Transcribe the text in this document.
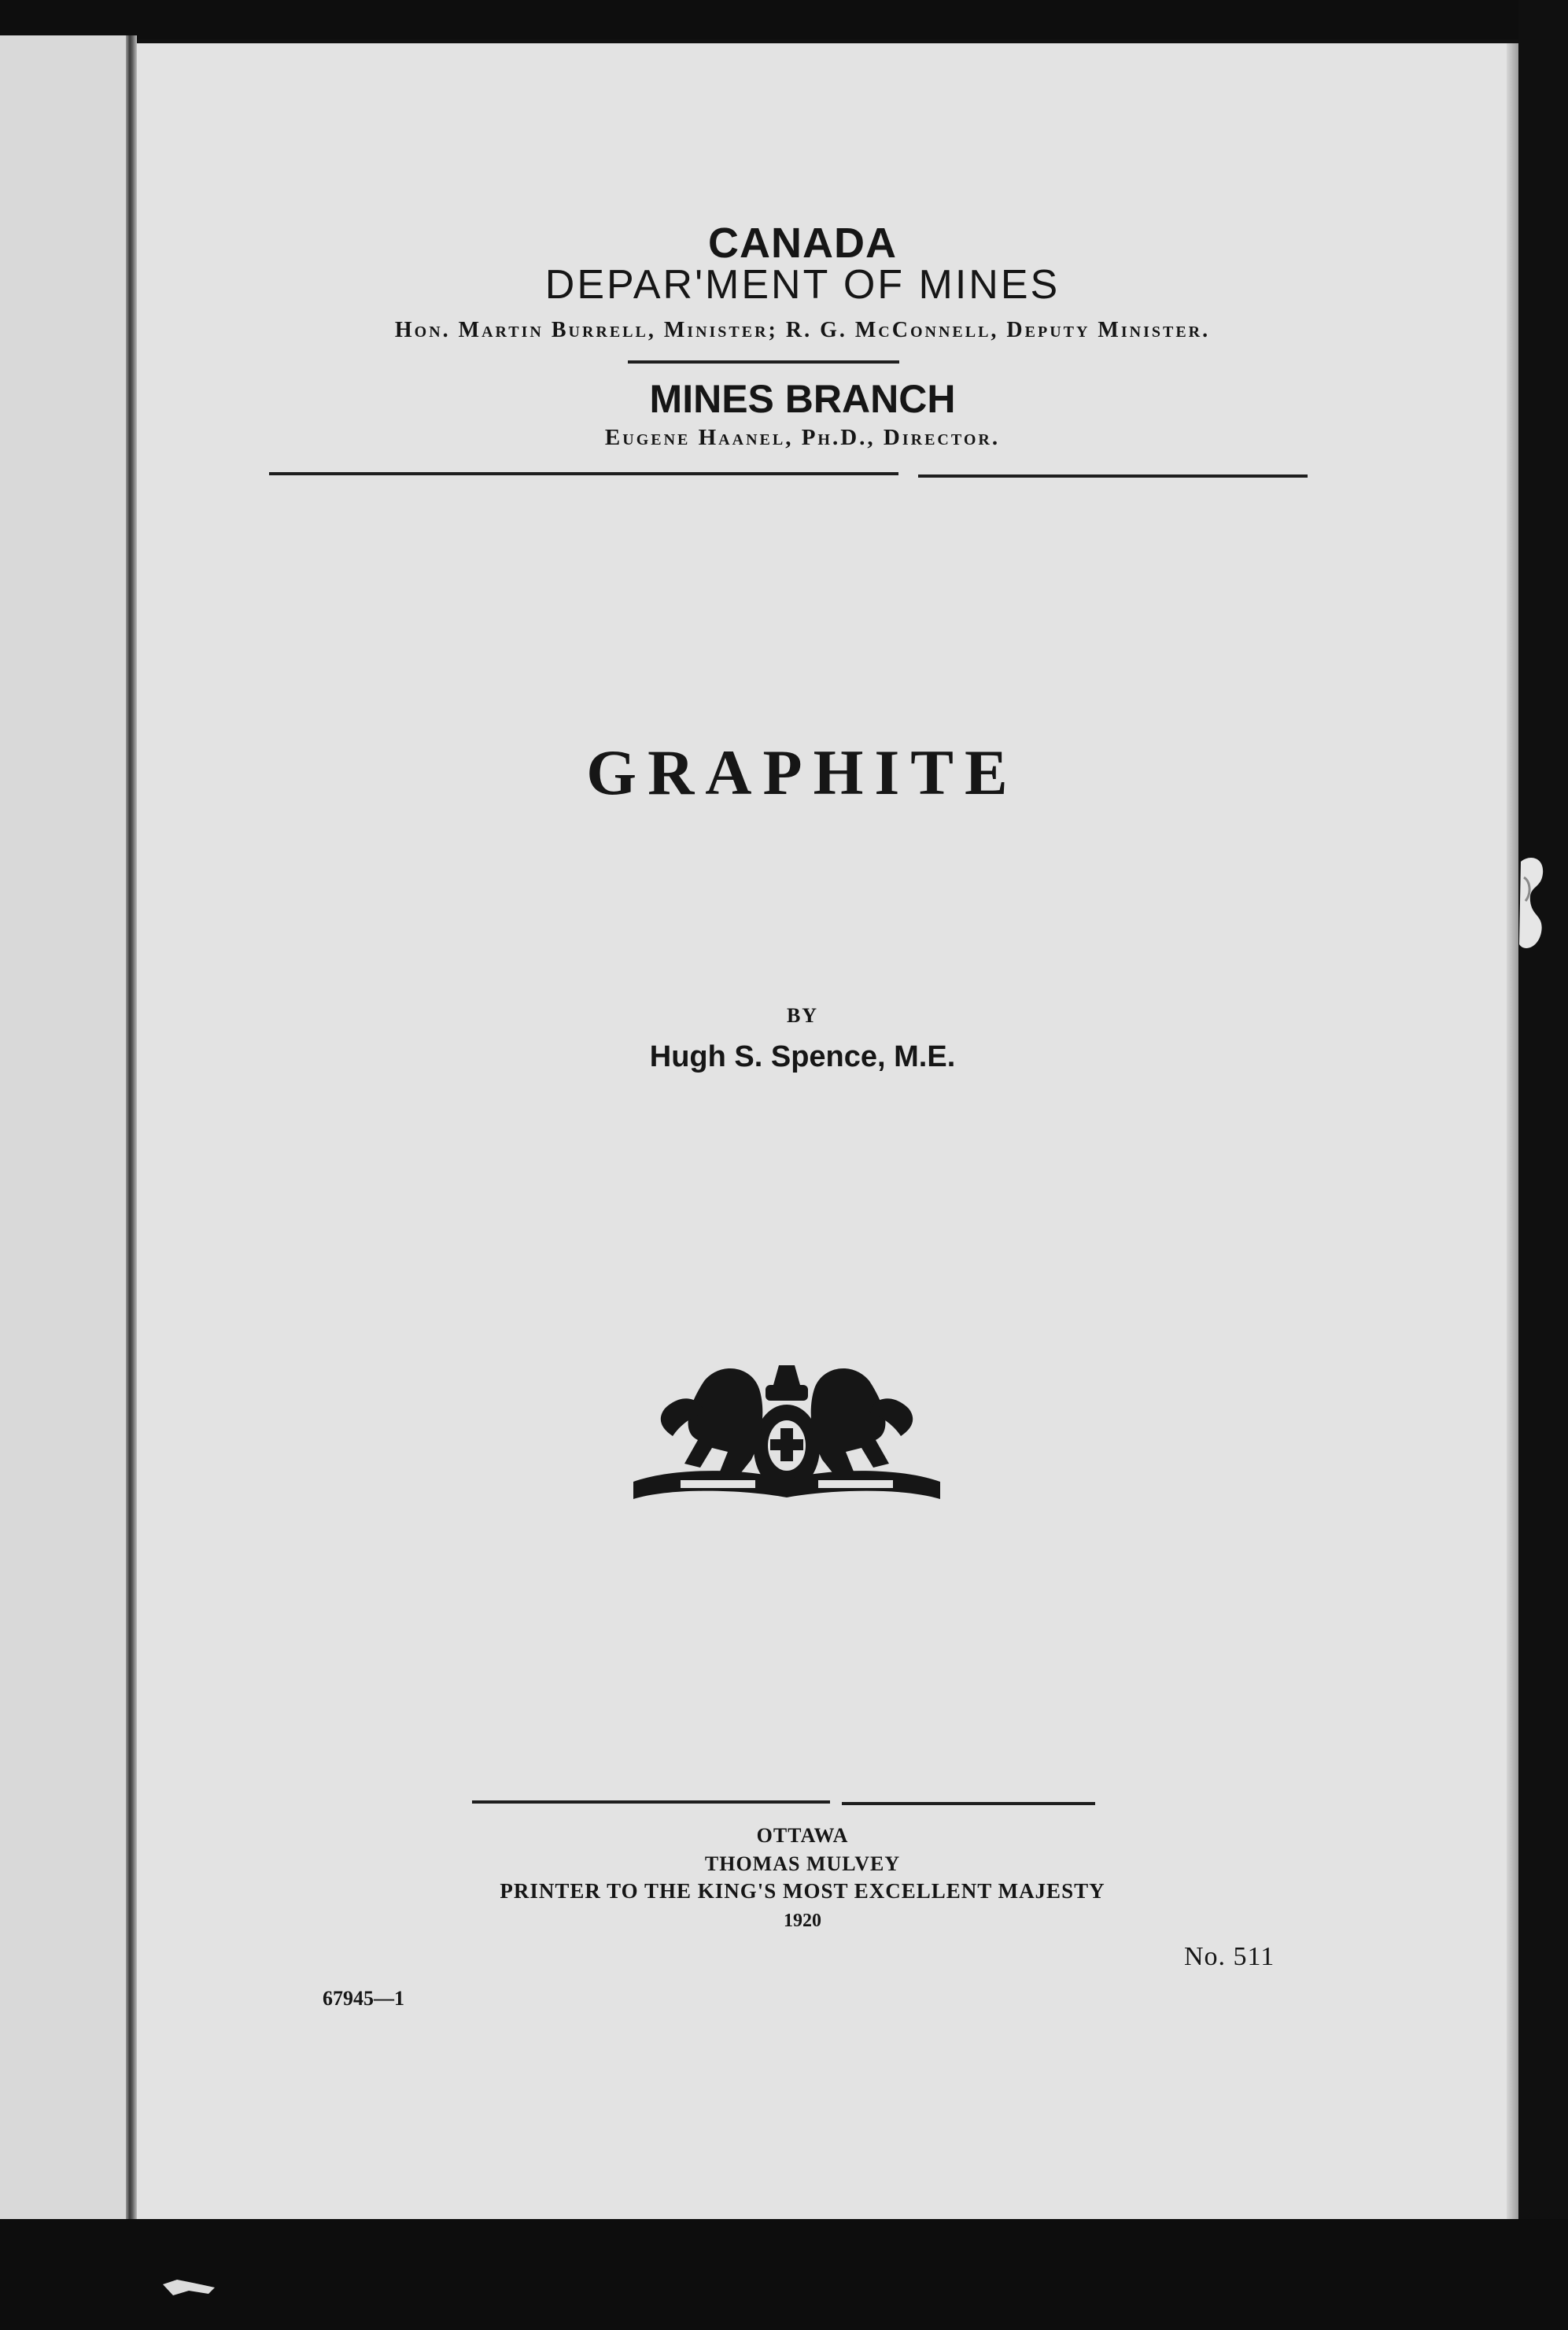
CANADA
DEPAR'MENT OF MINES
Hon. Martin Burrell, Minister; R. G. McConnell, Deputy Minister.
MINES BRANCH
Eugene Haanel, Ph.D., Director.
GRAPHITE
BY
Hugh S. Spence, M.E.
OTTAWA
THOMAS MULVEY
PRINTER TO THE KING'S MOST EXCELLENT MAJESTY
1920
No. 511
67945—1
